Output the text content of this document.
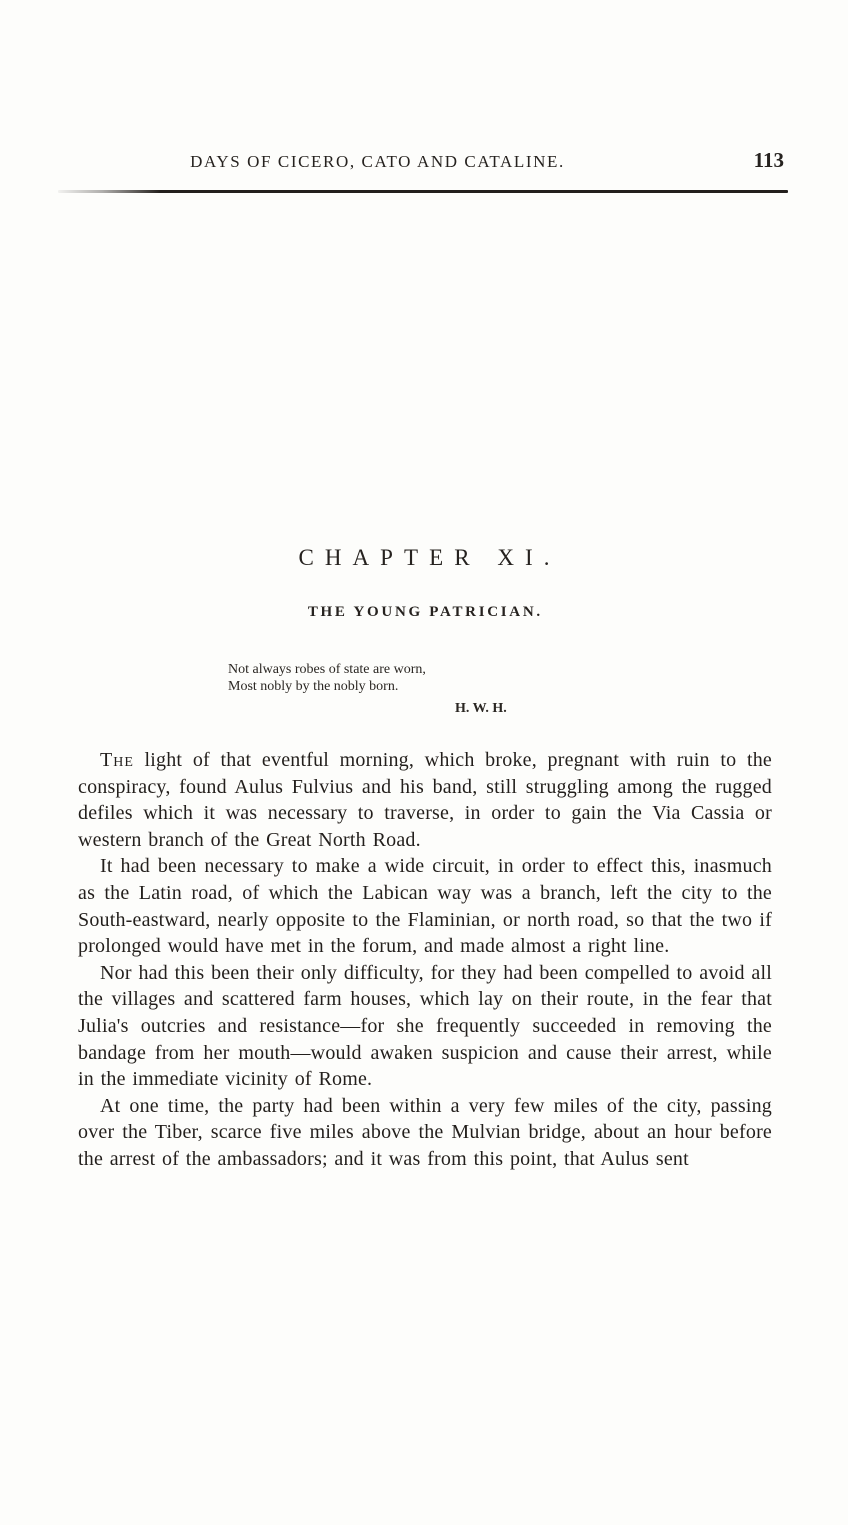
DAYS OF CICERO, CATO AND CATALINE.	113
CHAPTER XI.
THE YOUNG PATRICIAN.
Not always robes of state are worn,
Most nobly by the nobly born.
H. W. H.

The light of that eventful morning, which broke, pregnant with ruin to the conspiracy, found Aulus Fulvius and his band, still struggling among the rugged defiles which it was necessary to traverse, in order to gain the Via Cassia or western branch of the Great North Road.

It had been necessary to make a wide circuit, in order to effect this, inasmuch as the Latin road, of which the Labican way was a branch, left the city to the South-eastward, nearly opposite to the Flaminian, or north road, so that the two if prolonged would have met in the forum, and made almost a right line.

Nor had this been their only difficulty, for they had been compelled to avoid all the villages and scattered farm houses, which lay on their route, in the fear that Julia's outcries and resistance—for she frequently succeeded in removing the bandage from her mouth—would awaken suspicion and cause their arrest, while in the immediate vicinity of Rome.

At one time, the party had been within a very few miles of the city, passing over the Tiber, scarce five miles above the Mulvian bridge, about an hour before the arrest of the ambassadors; and it was from this point, that Aulus sent
